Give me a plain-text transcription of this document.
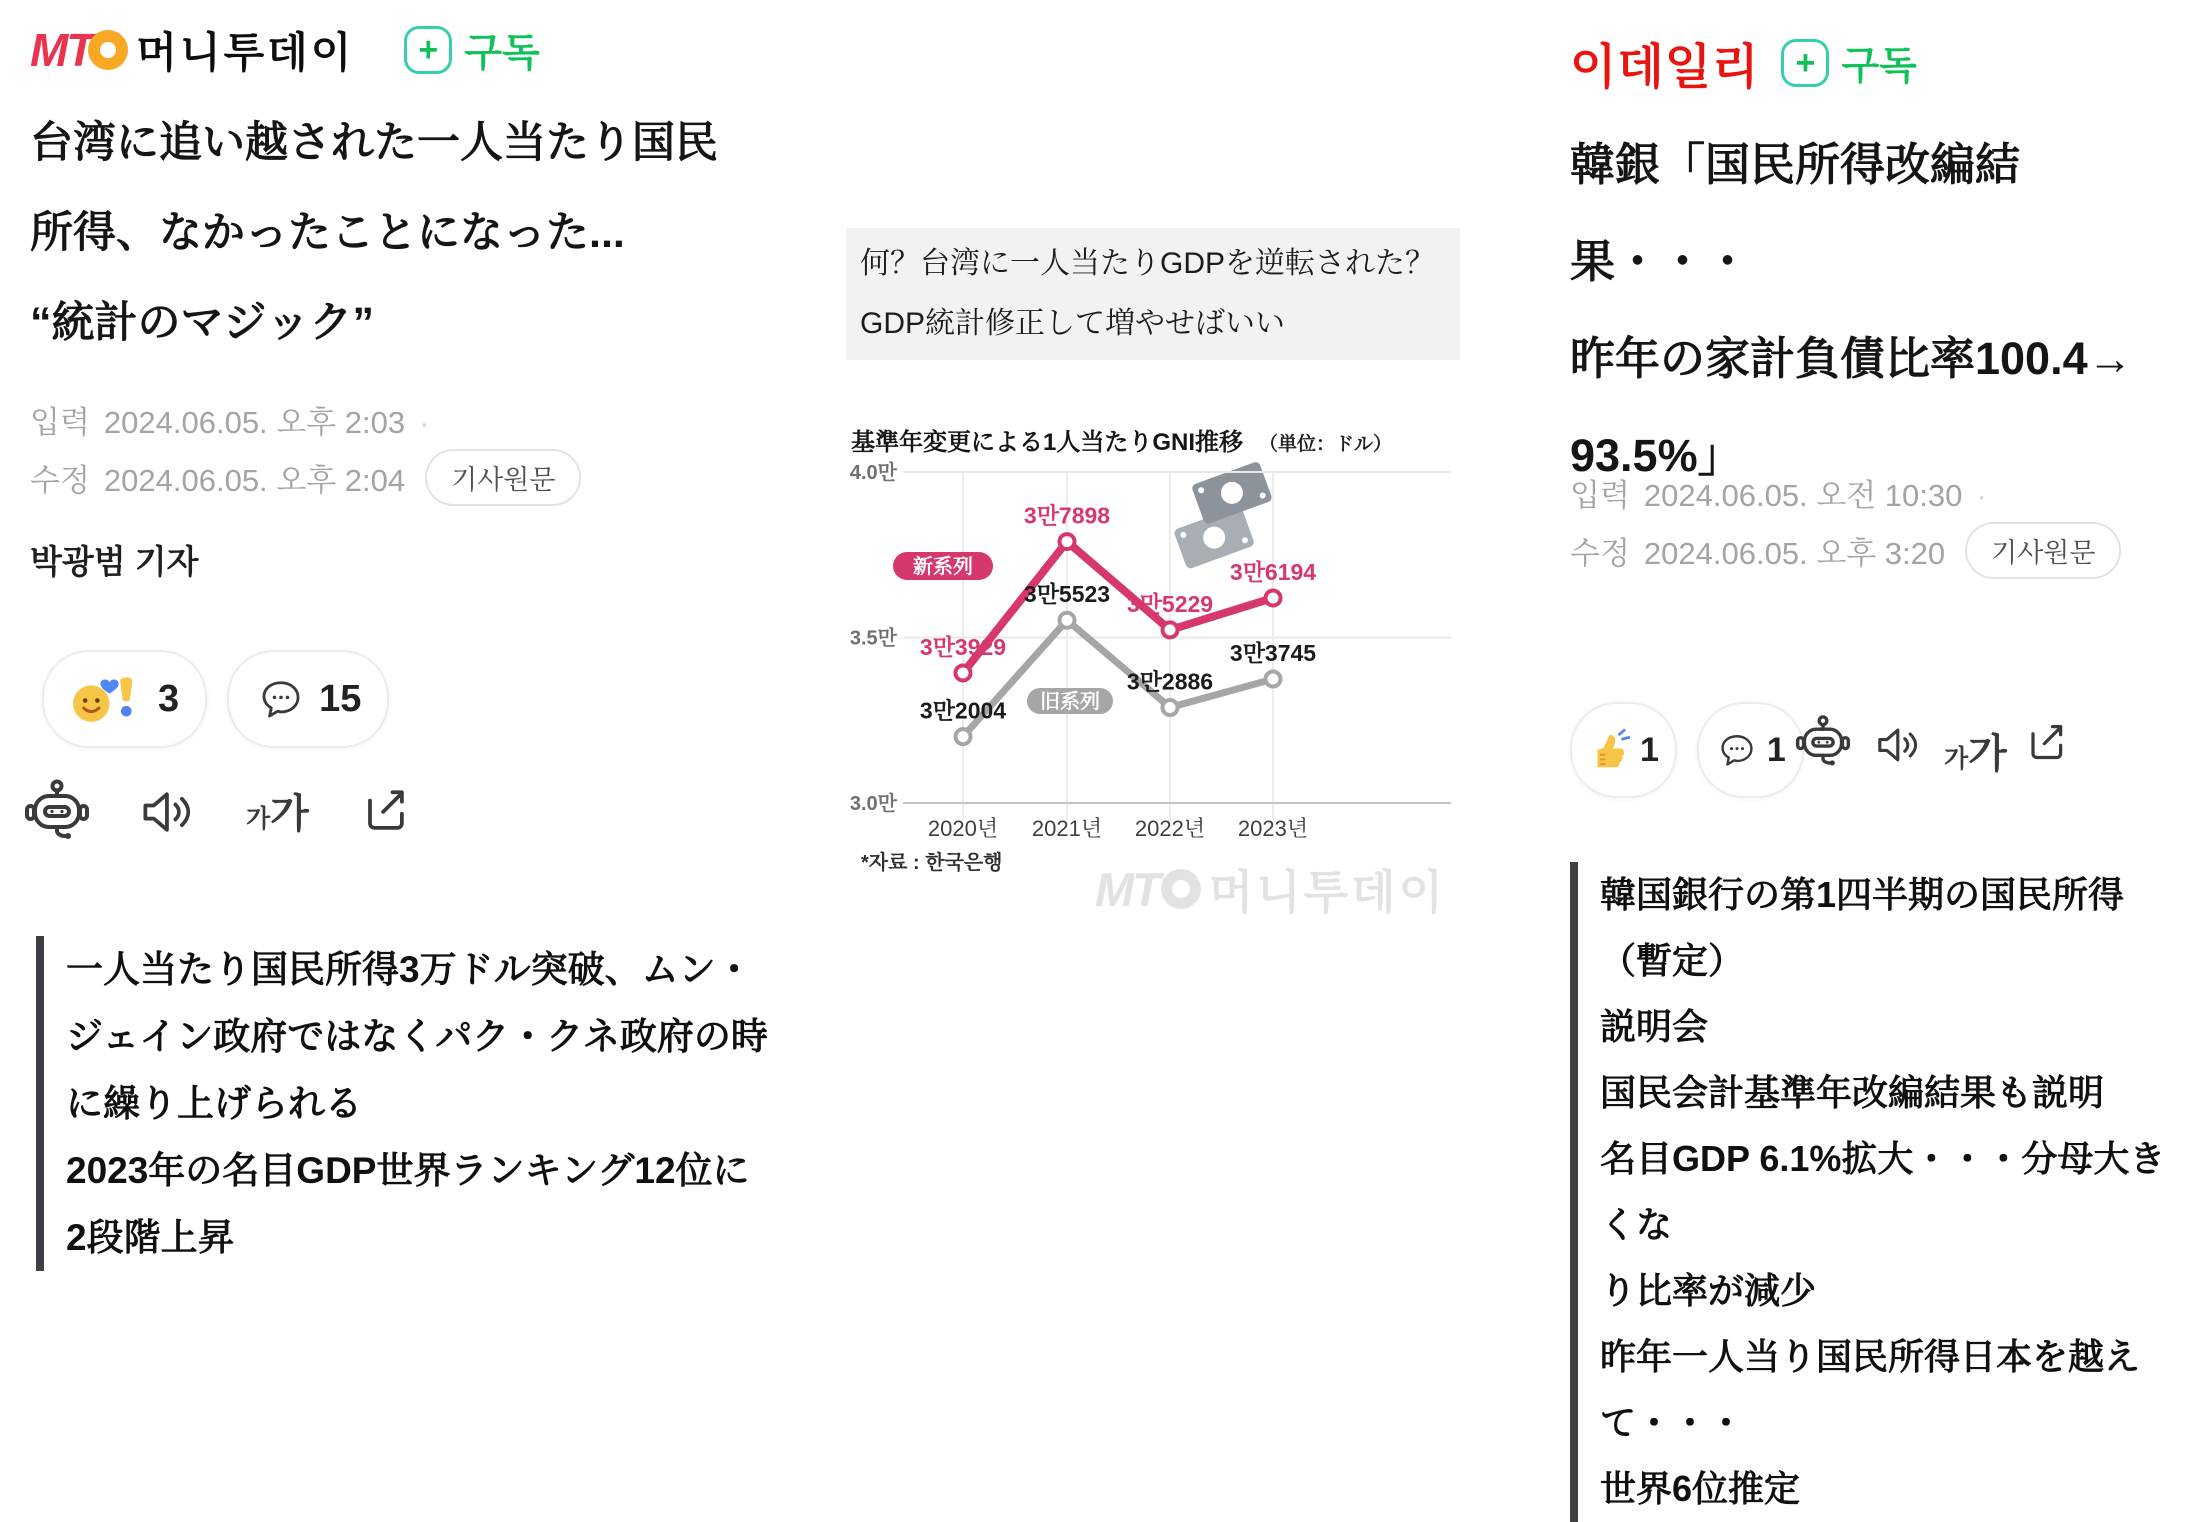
MT 머니투데이 + 구독
台湾に追い越された一人当たり国民
所得、なかったことになった...
“統計のマジック”
입력 2024.06.05. 오후 2:03 ·
수정 2024.06.05. 오후 2:04	기사원문
박광범 기자
3	15
가 가
一人当たり国民所得3万ドル突破、ムン・
ジェイン政府ではなくパク・クネ政府の時
に繰り上げられる
2023年の名目GDP世界ランキング12位に
2段階上昇
何？台湾に一人当たりGDPを逆転された？
GDP統計修正して増やせばいい
基準年変更による1人当たりGNI推移 （単位：ドル）
4.0만
3.5만
3.0만
旧系列
新系列
3만2004
3만5523
3만2886
3만3745
3만3929
3만7898
3만5229
3만6194
2020년 2021년 2022년 2023년
*자료 : 한국은행 MT 머니투데이
이데일리 + 구독
韓銀「国民所得改編結果・・・
昨年の家計負債比率100.4→
93.5%」
입력 2024.06.05. 오전 10:30 ·
수정 2024.06.05. 오후 3:20	기사원문
1	1	가 가
韓国銀行の第1四半期の国民所得（暫定）
説明会
国民会計基準年改編結果も説明
名目GDP 6.1%拡大・・・分母大きくな
り比率が減少
昨年一人当り国民所得日本を越えて・・・
世界6位推定
